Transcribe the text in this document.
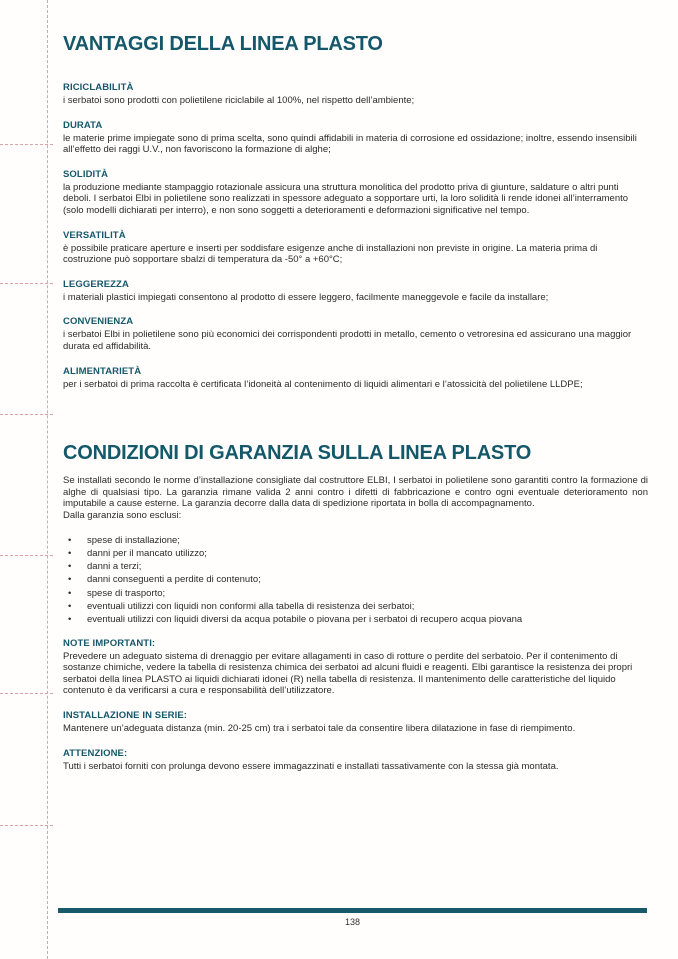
VANTAGGI DELLA LINEA PLASTO
RICICLABILITÀ

i serbatoi sono prodotti con polietilene riciclabile al 100%, nel rispetto dell’ambiente;

DURATA

le materie prime impiegate sono di prima scelta, sono quindi affidabili in materia di corrosione ed ossidazione; inoltre, essendo insensibili all’effetto dei raggi U.V., non favoriscono la formazione di alghe;

SOLIDITÀ

la produzione mediante stampaggio rotazionale assicura una struttura monolitica del prodotto priva di giunture, saldature o altri punti deboli. I serbatoi Elbi in polietilene sono realizzati in spessore adeguato a sopportare urti, la loro solidità li rende idonei all’interramento (solo modelli dichiarati per interro), e non sono soggetti a deterioramenti e deformazioni significative nel tempo.

VERSATILITÀ

è possibile praticare aperture e inserti per soddisfare esigenze anche di installazioni non previste in origine. La materia prima di costruzione può sopportare sbalzi di temperatura da -50° a +60°C;

LEGGEREZZA

i materiali plastici impiegati consentono al prodotto di essere leggero, facilmente maneggevole e facile da installare;

CONVENIENZA

i serbatoi Elbi in polietilene sono più economici dei corrispondenti prodotti in metallo, cemento o vetroresina ed assicurano una maggior durata ed affidabilità.

ALIMENTARIETÀ

per i serbatoi di prima raccolta è certificata l’idoneità al contenimento di liquidi alimentari e l’atossicità del polietilene LLDPE;

CONDIZIONI DI GARANZIA SULLA LINEA PLASTO

Se installati secondo le norme d’installazione consigliate dal costruttore ELBI, I serbatoi in polietilene sono garantiti contro la formazione di alghe di qualsiasi tipo. La garanzia rimane valida 2 anni contro i difetti di fabbricazione e contro ogni eventuale deterioramento non imputabile a cause esterne. La garanzia decorre dalla data di spedizione riportata in bolla di accompagnamento.

Dalla garanzia sono esclusi:

•	spese di installazione;
•	danni per il mancato utilizzo;
•	danni a terzi;
•	danni conseguenti a perdite di contenuto;
•	spese di trasporto;
•	eventuali utilizzi con liquidi non conformi alla tabella di resistenza dei serbatoi;
•	eventuali utilizzi con liquidi diversi da acqua potabile o piovana per i serbatoi di recupero acqua piovana
NOTE IMPORTANTI:

Prevedere un adeguato sistema di drenaggio per evitare allagamenti in caso di rotture o perdite del serbatoio. Per il contenimento di sostanze chimiche, vedere la tabella di resistenza chimica dei serbatoi ad alcuni fluidi e reagenti. Elbi garantisce la resistenza dei propri serbatoi della linea PLASTO ai liquidi dichiarati idonei (R) nella tabella di resistenza. Il mantenimento delle caratteristiche del liquido contenuto è da verificarsi a cura e responsabilità dell’utilizzatore.

INSTALLAZIONE IN SERIE:

Mantenere un’adeguata distanza (min. 20-25 cm) tra i serbatoi tale da consentire libera dilatazione in fase di riempimento.

ATTENZIONE:

Tutti i serbatoi forniti con prolunga devono essere immagazzinati e installati tassativamente con la stessa già montata.

138
